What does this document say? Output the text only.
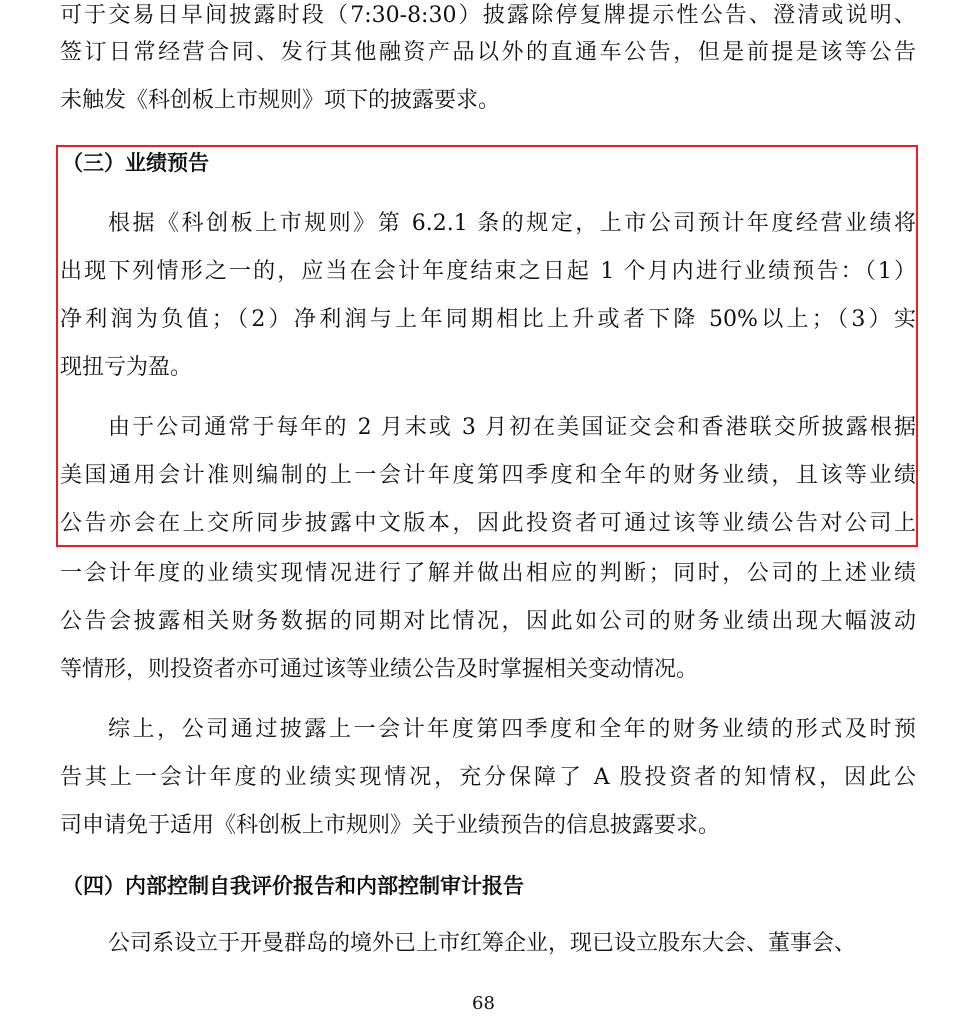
可于交易日早间披露时段（7:30-8:30）披露除停复牌提示性公告、澄清或说明、
签订日常经营合同、发行其他融资产品以外的直通车公告，但是前提是该等公告
未触发《科创板上市规则》项下的披露要求。
（三）业绩预告
根据《科创板上市规则》第 6.2.1 条的规定，上市公司预计年度经营业绩将
出现下列情形之一的，应当在会计年度结束之日起 1 个月内进行业绩预告：（1）
净利润为负值；（2）净利润与上年同期相比上升或者下降 50%以上；（3）实
现扭亏为盈。
由于公司通常于每年的 2 月末或 3 月初在美国证交会和香港联交所披露根据
美国通用会计准则编制的上一会计年度第四季度和全年的财务业绩，且该等业绩
公告亦会在上交所同步披露中文版本，因此投资者可通过该等业绩公告对公司上
一会计年度的业绩实现情况进行了解并做出相应的判断；同时，公司的上述业绩
公告会披露相关财务数据的同期对比情况，因此如公司的财务业绩出现大幅波动
等情形，则投资者亦可通过该等业绩公告及时掌握相关变动情况。
综上，公司通过披露上一会计年度第四季度和全年的财务业绩的形式及时预
告其上一会计年度的业绩实现情况，充分保障了 A 股投资者的知情权，因此公
司申请免于适用《科创板上市规则》关于业绩预告的信息披露要求。
（四）内部控制自我评价报告和内部控制审计报告
公司系设立于开曼群岛的境外已上市红筹企业，现已设立股东大会、董事会、
68
